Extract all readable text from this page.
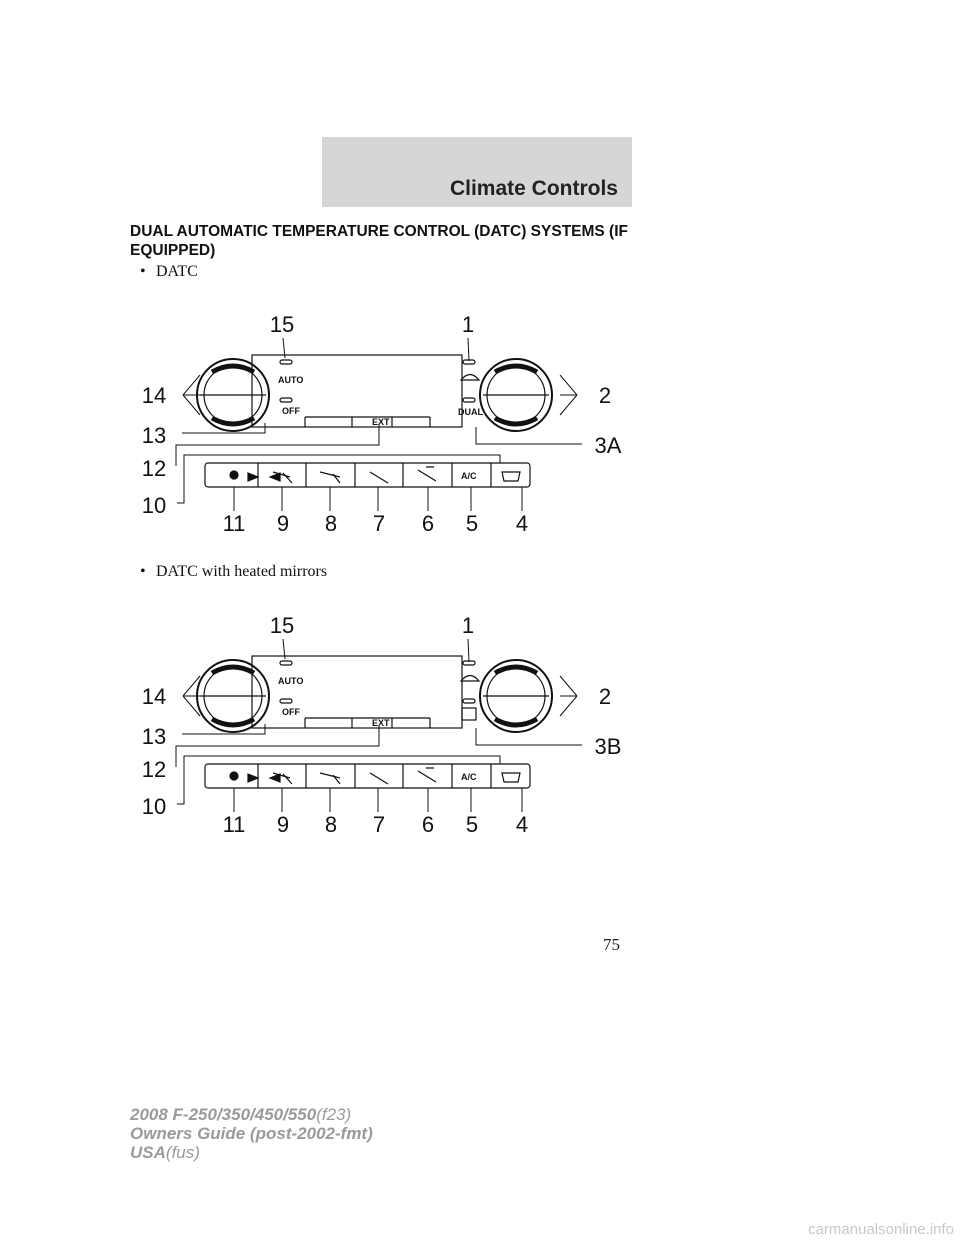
Climate Controls
DUAL AUTOMATIC TEMPERATURE CONTROL (DATC) SYSTEMS (IF EQUIPPED)
• DATC
AUTO
OFF
EXT
DUAL
A/C
15	1
14	2
13	3A
12
10
11 9 8 7 6 5 4
• DATC with heated mirrors
AUTO
OFF
EXT
A/C
15	1
14	2
13	3B
12
10
11 9 8 7 6 5 4
75
2008 F-250/350/450/550(f23)
Owners Guide (post-2002-fmt)
USA(fus)
carmanualsonline.info
